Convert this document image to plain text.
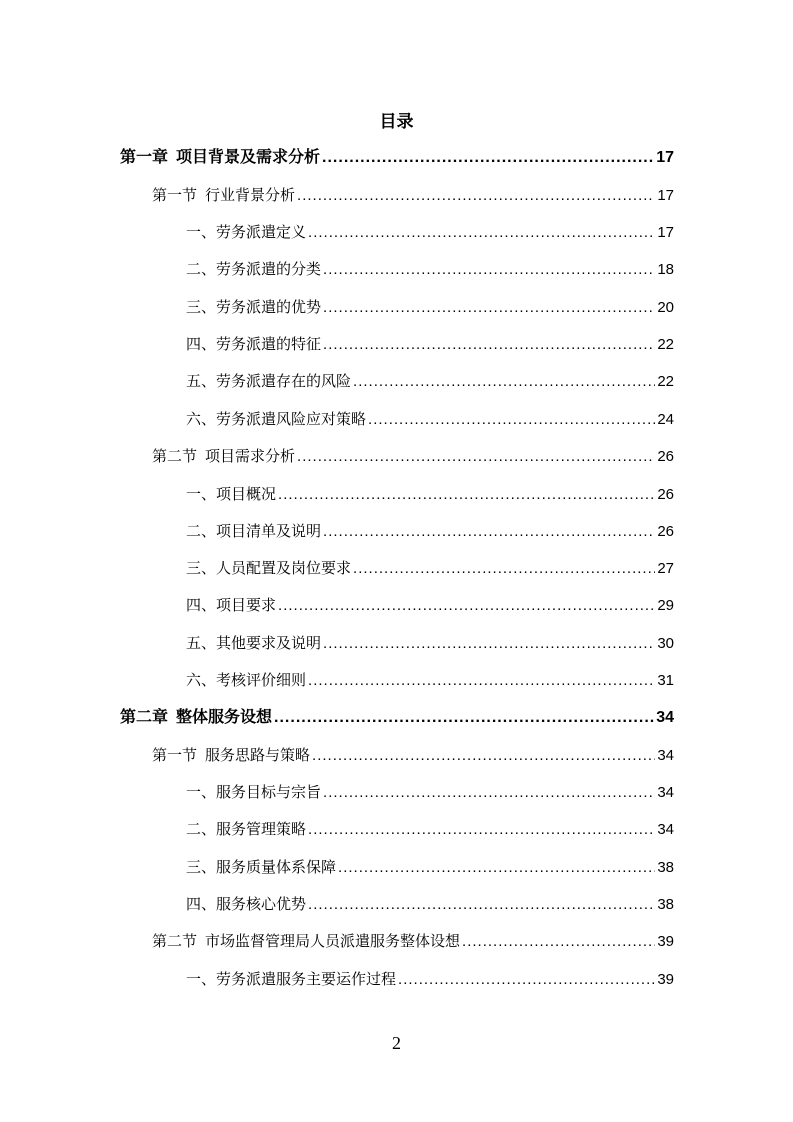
目录
第一章 项目背景及需求分析 .....	17
第一节 行业背景分析 .....	17
一、劳务派遣定义 .....	17
二、劳务派遣的分类 .....	18
三、劳务派遣的优势 .....	20
四、劳务派遣的特征 .....	22
五、劳务派遣存在的风险 .....	22
六、劳务派遣风险应对策略 .....	24
第二节 项目需求分析 .....	26
一、项目概况 .....	26
二、项目清单及说明 .....	26
三、人员配置及岗位要求 .....	27
四、项目要求 .....	29
五、其他要求及说明 .....	30
六、考核评价细则 .....	31
第二章 整体服务设想 .....	34
第一节 服务思路与策略 .....	34
一、服务目标与宗旨 .....	34
二、服务管理策略 .....	34
三、服务质量体系保障 .....	38
四、服务核心优势 .....	38
第二节 市场监督管理局人员派遣服务整体设想 .....	39
一、劳务派遣服务主要运作过程 .....	39
2
